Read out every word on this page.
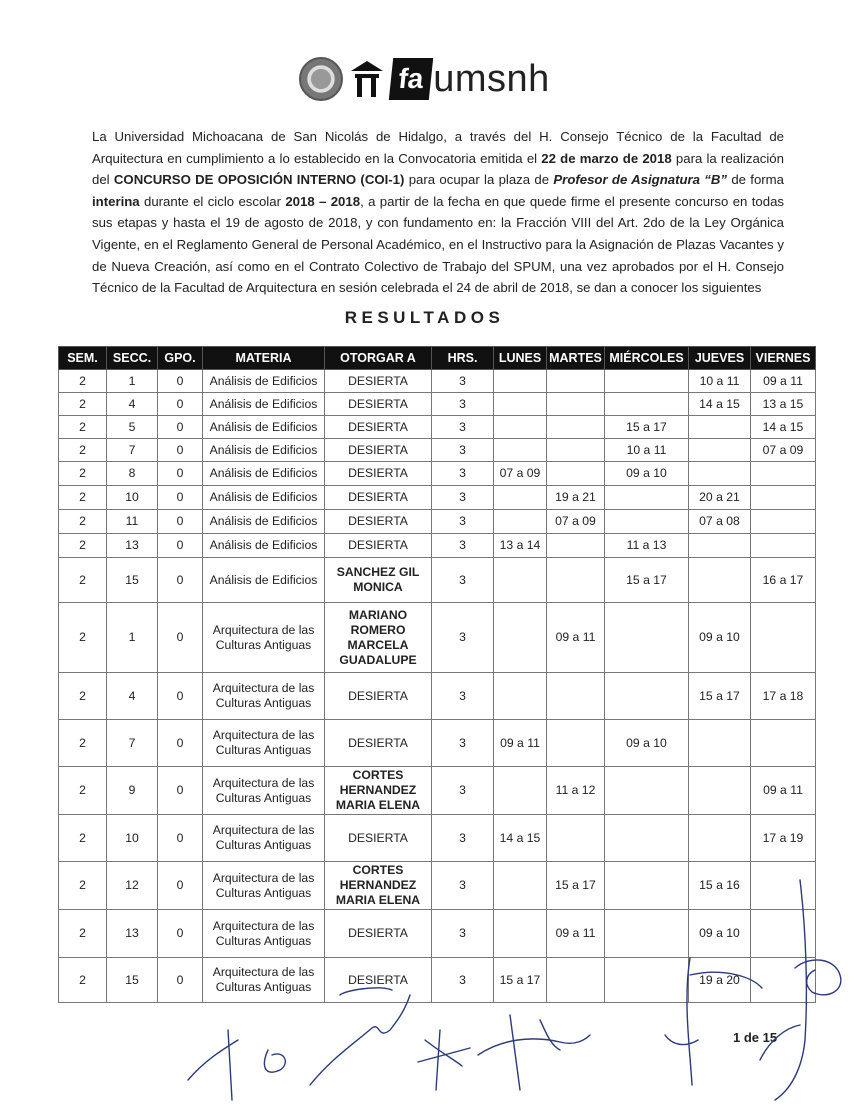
fa umsnh
La Universidad Michoacana de San Nicolás de Hidalgo, a través del H. Consejo Técnico de la Facultad de Arquitectura en cumplimiento a lo establecido en la Convocatoria emitida el 22 de marzo de 2018 para la realización del CONCURSO DE OPOSICIÓN INTERNO (COI-1) para ocupar la plaza de Profesor de Asignatura “B” de forma interina durante el ciclo escolar 2018 – 2018, a partir de la fecha en que quede firme el presente concurso en todas sus etapas y hasta el 19 de agosto de 2018, y con fundamento en: la Fracción VIII del Art. 2do de la Ley Orgánica Vigente, en el Reglamento General de Personal Académico, en el Instructivo para la Asignación de Plazas Vacantes y de Nueva Creación, así como en el Contrato Colectivo de Trabajo del SPUM, una vez aprobados por el H. Consejo Técnico de la Facultad de Arquitectura en sesión celebrada el 24 de abril de 2018, se dan a conocer los siguientes
RESULTADOS
SEM.	SECC.	GPO.	MATERIA	OTORGAR A	HRS.	LUNES	MARTES	MIÉRCOLES	JUEVES	VIERNES
2	1	0	Análisis de Edificios	DESIERTA	3				10 a 11	09 a 11
2	4	0	Análisis de Edificios	DESIERTA	3				14 a 15	13 a 15
2	5	0	Análisis de Edificios	DESIERTA	3			15 a 17		14 a 15
2	7	0	Análisis de Edificios	DESIERTA	3			10 a 11		07 a 09
2	8	0	Análisis de Edificios	DESIERTA	3	07 a 09		09 a 10		
2	10	0	Análisis de Edificios	DESIERTA	3		19 a 21		20 a 21	
2	11	0	Análisis de Edificios	DESIERTA	3		07 a 09		07 a 08	
2	13	0	Análisis de Edificios	DESIERTA	3	13 a 14		11 a 13		
2	15	0	Análisis de Edificios	SANCHEZ GIL MONICA	3			15 a 17		16 a 17
2	1	0	Arquitectura de las Culturas Antiguas	MARIANO ROMERO MARCELA GUADALUPE	3		09 a 11		09 a 10	
2	4	0	Arquitectura de las Culturas Antiguas	DESIERTA	3				15 a 17	17 a 18
2	7	0	Arquitectura de las Culturas Antiguas	DESIERTA	3	09 a 11		09 a 10		
2	9	0	Arquitectura de las Culturas Antiguas	CORTES HERNANDEZ MARIA ELENA	3		11 a 12			09 a 11
2	10	0	Arquitectura de las Culturas Antiguas	DESIERTA	3	14 a 15				17 a 19
2	12	0	Arquitectura de las Culturas Antiguas	CORTES HERNANDEZ MARIA ELENA	3		15 a 17		15 a 16	
2	13	0	Arquitectura de las Culturas Antiguas	DESIERTA	3		09 a 11		09 a 10	
2	15	0	Arquitectura de las Culturas Antiguas	DESIERTA	3	15 a 17			19 a 20	
1 de 15
